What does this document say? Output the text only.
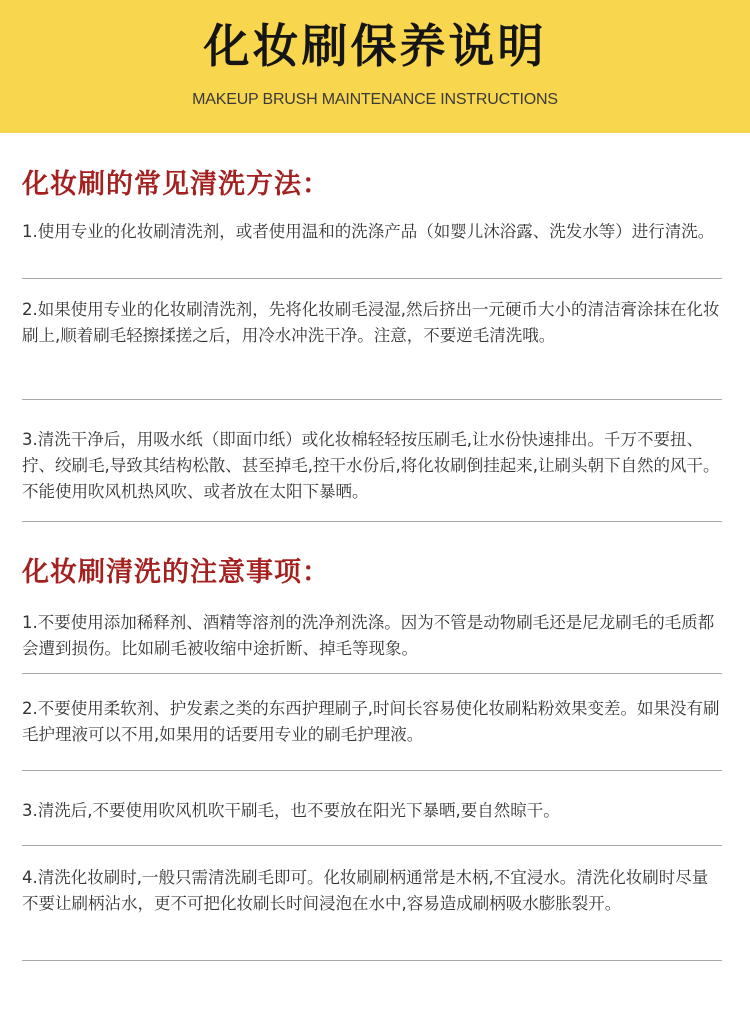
化妆刷保养说明
MAKEUP BRUSH MAINTENANCE INSTRUCTIONS
化妆刷的常见清洗方法：
1.使用专业的化妆刷清洗剂，或者使用温和的洗涤产品（如婴儿沐浴露、洗发水等）进行清洗。
2.如果使用专业的化妆刷清洗剂，先将化妆刷毛浸湿,然后挤出一元硬币大小的清洁膏涂抹在化妆刷上,顺着刷毛轻擦揉搓之后，用冷水冲洗干净。注意，不要逆毛清洗哦。
3.清洗干净后，用吸水纸（即面巾纸）或化妆棉轻轻按压刷毛,让水份快速排出。千万不要扭、拧、绞刷毛,导致其结构松散、甚至掉毛,控干水份后,将化妆刷倒挂起来,让刷头朝下自然的风干。不能使用吹风机热风吹、或者放在太阳下暴晒。
化妆刷清洗的注意事项：
1.不要使用添加稀释剂、酒精等溶剂的洗净剂洗涤。因为不管是动物刷毛还是尼龙刷毛的毛质都会遭到损伤。比如刷毛被收缩中途折断、掉毛等现象。
2.不要使用柔软剂、护发素之类的东西护理刷子,时间长容易使化妆刷粘粉效果变差。如果没有刷毛护理液可以不用,如果用的话要用专业的刷毛护理液。
3.清洗后,不要使用吹风机吹干刷毛，也不要放在阳光下暴晒,要自然晾干。
4.清洗化妆刷时,一般只需清洗刷毛即可。化妆刷刷柄通常是木柄,不宜浸水。清洗化妆刷时尽量不要让刷柄沾水，更不可把化妆刷长时间浸泡在水中,容易造成刷柄吸水膨胀裂开。
